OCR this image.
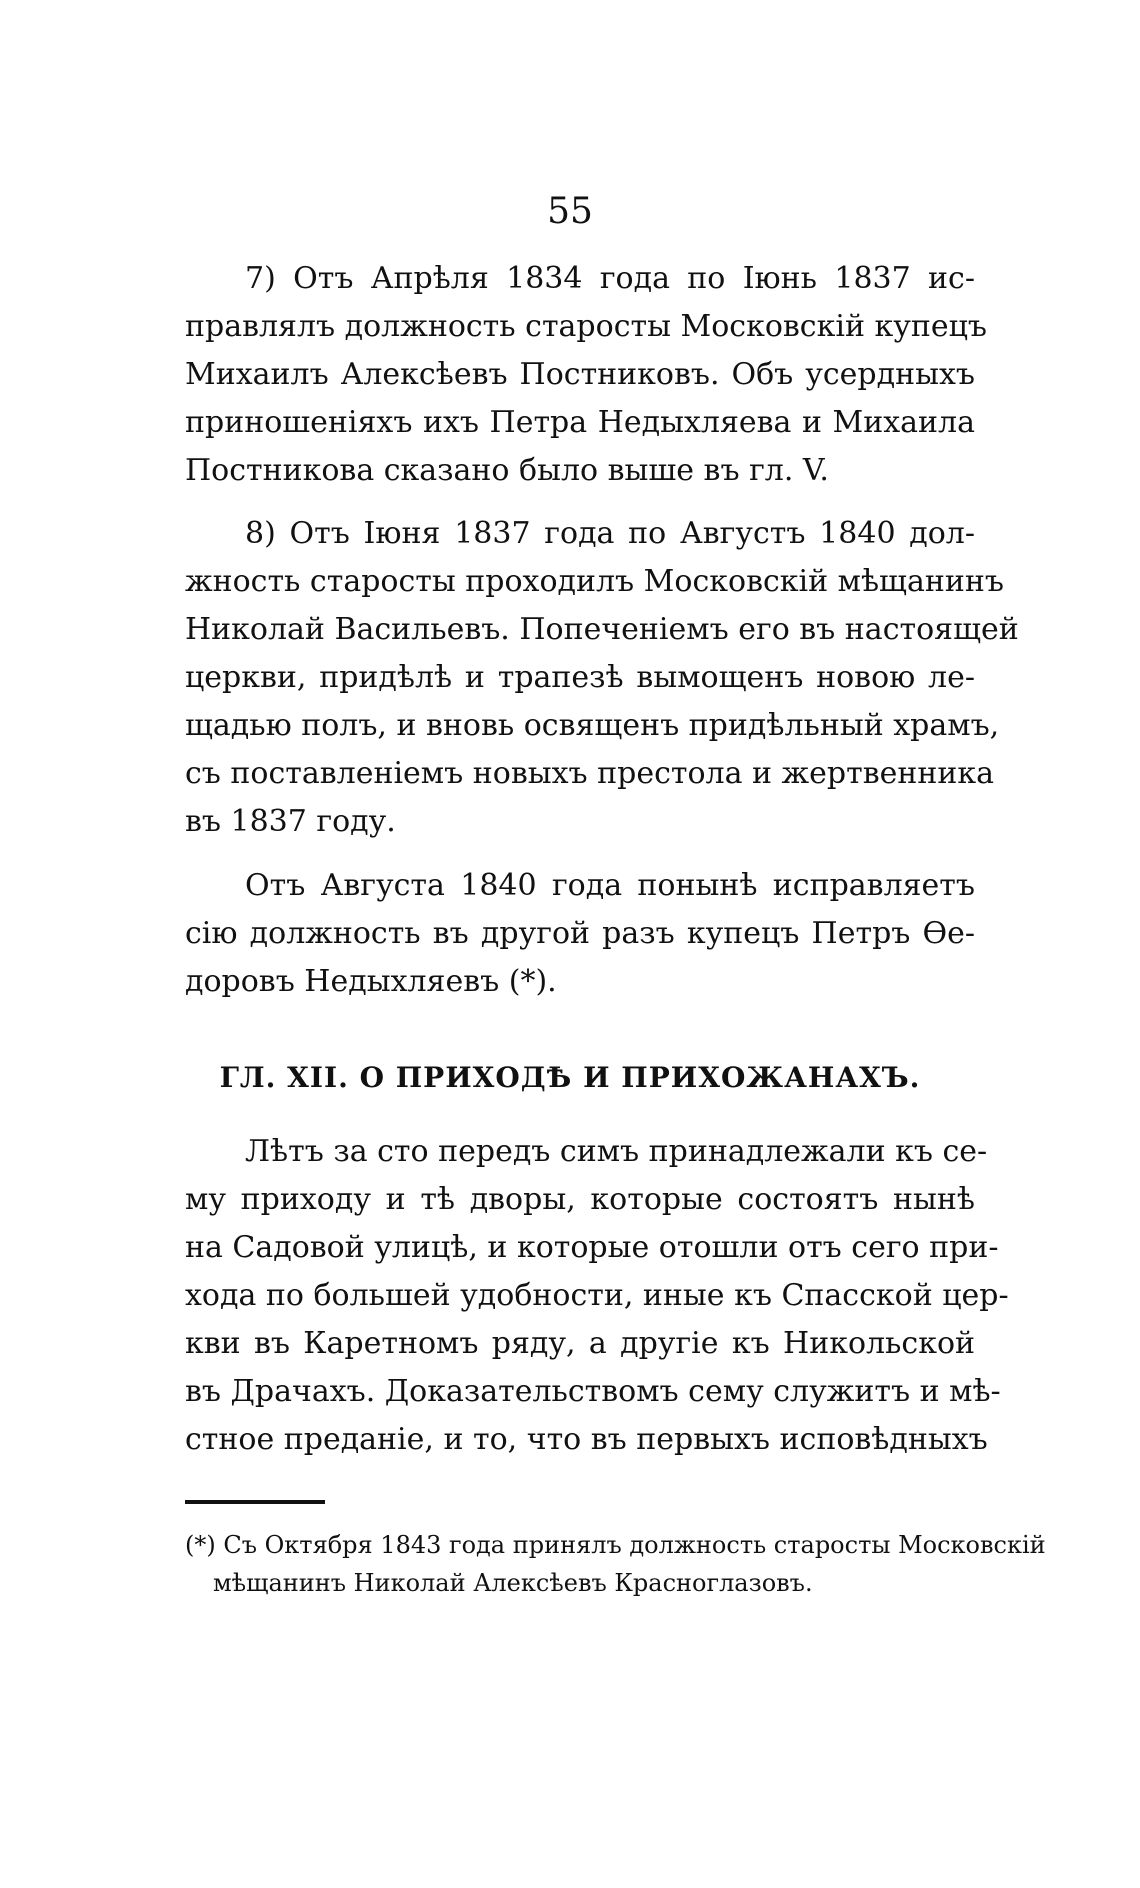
55
7) Отъ Апрѣля 1834 года по Іюнь 1837 ис-
правлялъ должность старосты Московскій купецъ
Михаилъ Алексѣевъ Постниковъ. Объ усердныхъ
приношеніяхъ ихъ Петра Недыхляева и Михаила
Постникова сказано было выше въ гл. V.
8) Отъ Іюня 1837 года по Августъ 1840 дол-
жность старосты проходилъ Московскій мѣщанинъ
Николай Васильевъ. Попеченіемъ его въ настоящей
церкви, придѣлѣ и трапезѣ вымощенъ новою ле-
щадью полъ, и вновь освященъ придѣльный храмъ,
съ поставленіемъ новыхъ престола и жертвенника
въ 1837 году.
Отъ Августа 1840 года понынѣ исправляетъ
сію должность въ другой разъ купецъ Петръ Ѳе-
доровъ Недыхляевъ (*).
ГЛ. XII. О ПРИХОДѢ И ПРИХОЖАНАХЪ.
Лѣтъ за сто передъ симъ принадлежали къ се-
му приходу и тѣ дворы, которые состоятъ нынѣ
на Садовой улицѣ, и которые отошли отъ сего при-
хода по большей удобности, иные къ Спасской цер-
кви въ Каретномъ ряду, а другіе къ Никольской
въ Драчахъ. Доказательствомъ сему служитъ и мѣ-
стное преданіе, и то, что въ первыхъ исповѣдныхъ
(*) Съ Октября 1843 года принялъ должность старосты Московскій
мѣщанинъ Николай Алексѣевъ Красноглазовъ.
